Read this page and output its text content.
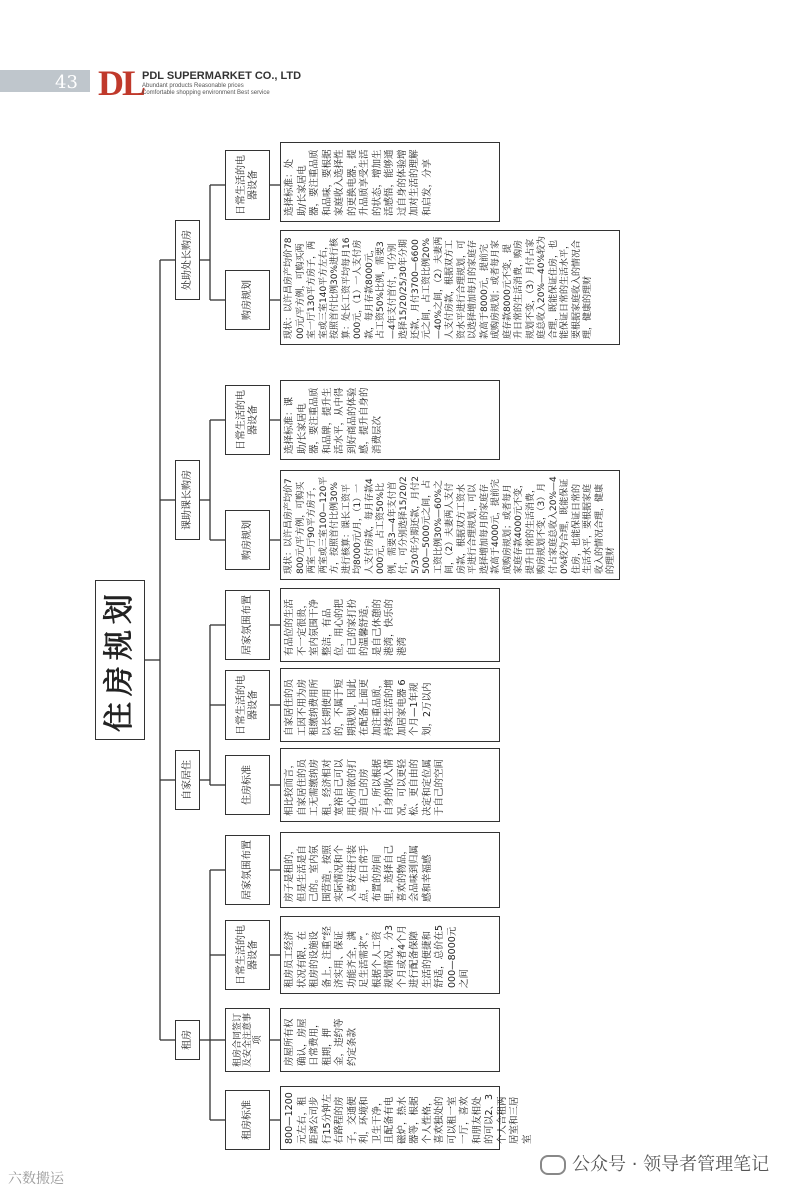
43 DL
PDL SUPERMARKET CO., LTD
Abundant products Reasonable prices
Comfortable shopping environment Best service
住房规划
租房
自家居住
课助课长购房
处助处长购房
租房标准
租房合同签订及安全注意事项
日常生活的电器设备
居家氛围布置
800—1200元左右，租距离公司步行15分钟左右路程的房子，交通便利，环境和卫生干净，且配备有电磁炉，热水器等，根据个人性格，喜欢独处的可以租一室一厅，喜欢和朋友相处的可以2、3个人合租两居室和三居室
房屋所有权确认，房屋日常费用，租期，押金，违约等约定条款
租房员工经济状况有限，在租房的设施设备上，注重“经济实用、保证功能齐全，满足生活需求”，根据个人工资规划情况，分3个月或者4个月进行配备保障生活的便捷和舒适，总价在5000—8000元之间
房子是租的，但是生活是自己的。室内氛围营造，按照实际情况和个人喜好进行装点，在日常手布置的房间里，选择自己喜欢的物品，会品味到归属感和幸福感
住房标准
日常生活的电器设备
居家氛围布置
相比较而言，自家居住的员工无需缴纳房租，经济相对宽裕自己可以用心所欲的打造自己的房子，所以根据自身的收入情况，可以更轻松、更自由的决定和定位属于自己的空间
自家居住的员工因不用为房租缴纳费用所以长期使用的，不属于短期规划，因此在配备上面更加注重品质，持续生活的增加居家电器 6个月—1年规划，2万以内
有品位的生活不一定很贵，室内氛围干净整洁，有品位，用心的把自己的家打扮的温馨舒适，是自己休憩的港湾，快乐的港湾
购房规划
日常生活的电器设备
现状：以许昌房产均价7800元/平方例，可购买两室一厅90平方房子，两室或三室100—120平方，按照首付比例30%进行核算：课长工资平均8000元/月，（1）一人支付房款，每月存款4000元，占工资50%比例，需要3—4年支付首付，可分别选择15/20/25/30年分期还款，月付2500—5000元之间，占工资比例30%—60%之间，（2）夫妻两人支付房款，根据双方工资水平进行合理规划，可以选择增加每月的家庭存款高于4000元，提前完成购房规划；或者每月家庭存款4000元不变，提升日常的生活消费，购房规划不变，（3）月付占家庭总收入20%—40%较为合理，既能保证住房，也能保证日常的生活水平，要根据家庭收入的情况合理，健康的理财
选择标准：课助/长家居电器，要注重品质和品牌，提升生活水平，从中得到好商品的体验感，提升自身的消费层次
购房规划
日常生活的电器设备
现状：以许昌房产均价7800元/平方例，可购买两室一厅130平方房子，两室或三室140平方左右，按照首付比例30%进行核算：处长工资平均每月16000元，（1）一人支付房款，每月存款8000元，占工资50%比例，需要3—4年支付首付，可分别选择15/20/25/30年分期还款，月付3700—6600元之间，占工资比例20%—40%之间，（2）夫妻两人支付房款，根据双方工资水平进行合理规划，可以选择增加每月的家庭存款高于8000元，提前完成购房规划；或者每月家庭存款8000元不变，提升日常的生活消费，购房规划不变，（3）月付占家庭总收入20%—40%较为合理，既能保证住房，也能保证日常的生活水平，要根据家庭收入的情况合理，健康的理财
选择标准：处助/长家居电器，要注重品质和品味，要根据家庭收入选择性的更换电器，提升品质享受生活的状态，增加生活感悟，能够通过自身的体验增加对生活的理解和启发，分享
六数搬运
公众号 · 领导者管理笔记
